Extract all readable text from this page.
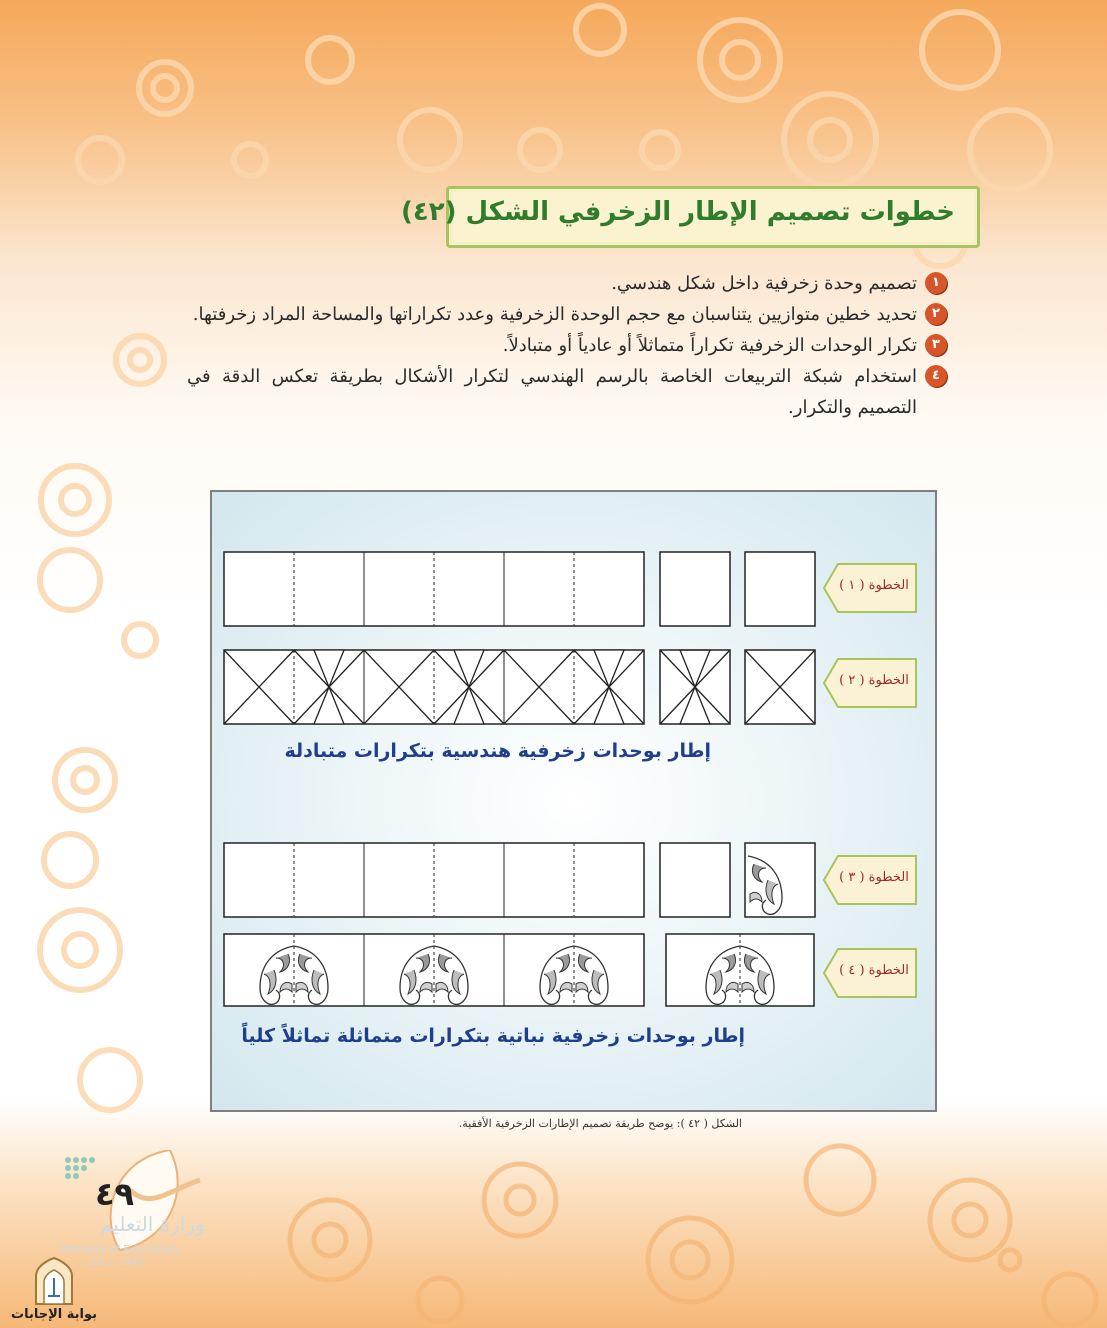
خطوات تصميم الإطار الزخرفي الشكل (٤٢)
١
تصميم وحدة زخرفية داخل شكل هندسي.
٢
تحديد خطين متوازيين يتناسبان مع حجم الوحدة الزخرفية وعدد تكراراتها والمساحة المراد زخرفتها.
٣
تكرار الوحدات الزخرفية تكراراً متماثلاً أو عادياً أو متبادلاً.
٤
استخدام شبكة التربيعات الخاصة بالرسم الهندسي لتكرار الأشكال بطريقة تعكس الدقة في التصميم والتكرار.
الخطوة ( ١ )
الخطوة ( ٢ )
الخطوة ( ٣ )
الخطوة ( ٤ )
إطار بوحدات زخرفية هندسية بتكرارات متبادلة
إطار بوحدات زخرفية نباتية بتكرارات متماثلة تماثلاً كلياً
الشكل ( ٤٢ ): يوضح طريقة تصميم الإطارات الزخرفية الأفقية.
٤٩
وزارة التعليم
Ministry of Education
2023 - 1445
بوابة الإجابات
